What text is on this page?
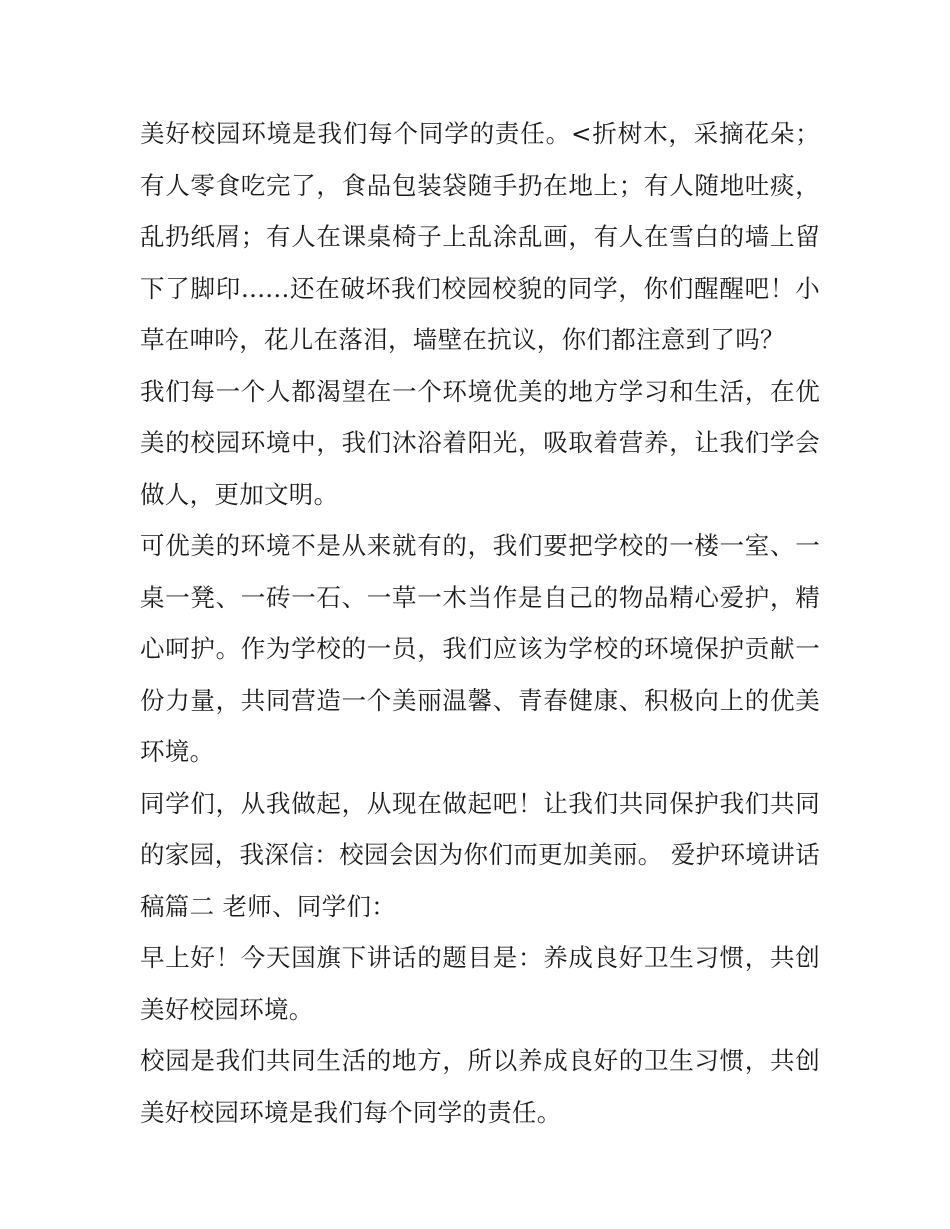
美好校园环境是我们每个同学的责任。<折树木，采摘花朵；有人零食吃完了，食品包装袋随手扔在地上；有人随地吐痰，乱扔纸屑；有人在课桌椅子上乱涂乱画，有人在雪白的墙上留下了脚印......还在破坏我们校园校貌的同学，你们醒醒吧！小草在呻吟，花儿在落泪，墙壁在抗议，你们都注意到了吗？

我们每一个人都渴望在一个环境优美的地方学习和生活，在优美的校园环境中，我们沐浴着阳光，吸取着营养，让我们学会做人，更加文明。

可优美的环境不是从来就有的，我们要把学校的一楼一室、一桌一凳、一砖一石、一草一木当作是自己的物品精心爱护，精心呵护。作为学校的一员，我们应该为学校的环境保护贡献一份力量，共同营造一个美丽温馨、青春健康、积极向上的优美环境。

同学们，从我做起，从现在做起吧！让我们共同保护我们共同的家园，我深信：校园会因为你们而更加美丽。 爱护环境讲话稿篇二 老师、同学们：

早上好！今天国旗下讲话的题目是：养成良好卫生习惯，共创美好校园环境。

校园是我们共同生活的地方，所以养成良好的卫生习惯，共创美好校园环境是我们每个同学的责任。
